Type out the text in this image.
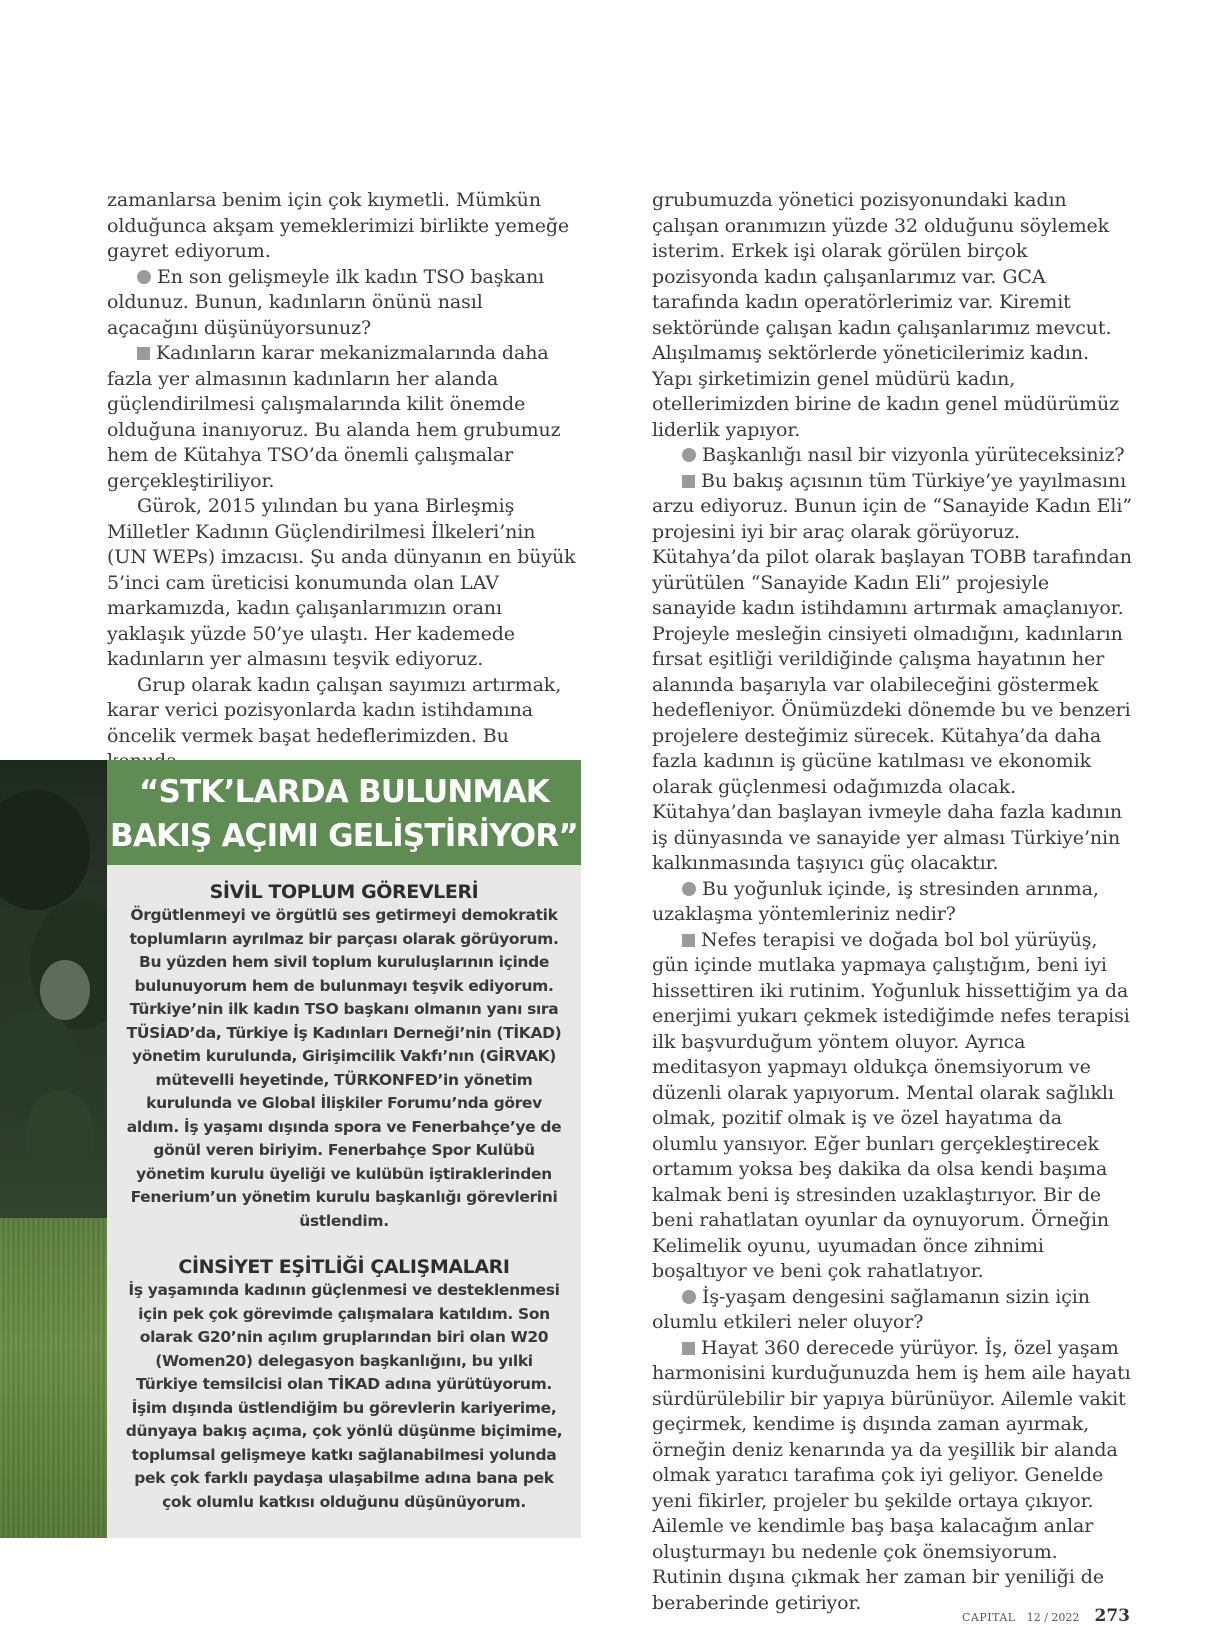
zamanlarsa benim için çok kıymetli. Mümkün olduğunca akşam yemeklerimizi birlikte yemeğe gayret ediyorum.

En son gelişmeyle ilk kadın TSO başkanı oldunuz. Bunun, kadınların önünü nasıl açacağını düşünüyorsunuz?

Kadınların karar mekanizmalarında daha fazla yer almasının kadınların her alanda güçlendirilmesi çalışmalarında kilit önemde olduğuna inanıyoruz. Bu alanda hem grubumuz hem de Kütahya TSO’da önemli çalışmalar gerçekleştiriliyor.

Gürok, 2015 yılından bu yana Birleşmiş Milletler Kadının Güçlendirilmesi İlkeleri’nin (UN WEPs) imzacısı. Şu anda dünyanın en büyük 5’inci cam üreticisi konumunda olan LAV markamızda, kadın çalışanlarımızın oranı yaklaşık yüzde 50’ye ulaştı. Her kademede kadınların yer almasını teşvik ediyoruz.

Grup olarak kadın çalışan sayımızı artırmak, karar verici pozisyonlarda kadın istihdamına öncelik vermek başat hedeflerimizden. Bu

“STK’LARDA BULUNMAK
BAKIŞ AÇIMI GELİŞTİRİYOR”

SİVİL TOPLUM GÖREVLERİ

Örgütlenmeyi ve örgütlü ses getirmeyi demokratik toplumların ayrılmaz bir parçası olarak görüyorum. Bu yüzden hem sivil toplum kuruluşlarının içinde bulunuyorum hem de bulunmayı teşvik ediyorum. Türkiye’nin ilk kadın TSO başkanı olmanın yanı sıra TÜSİAD’da, Türkiye İş Kadınları Derneği’nin (TİKAD) yönetim kurulunda, Girişimcilik Vakfı’nın (GİRVAK) mütevelli heyetinde, TÜRKONFED’in yönetim kurulunda ve Global İlişkiler Forumu’nda görev aldım. İş yaşamı dışında spora ve Fenerbahçe’ye de gönül veren biriyim. Fenerbahçe Spor Kulübü yönetim kurulu üyeliği ve kulübün iştiraklerinden Fenerium’un yönetim kurulu başkanlığı görevlerini üstlendim.

CİNSİYET EŞİTLİĞİ ÇALIŞMALARI

İş yaşamında kadının güçlenmesi ve desteklenmesi için pek çok görevimde çalışmalara katıldım. Son olarak G20’nin açılım gruplarından biri olan W20 (Women20) delegasyon başkanlığını, bu yılki Türkiye temsilcisi olan TİKAD adına yürütüyorum. İşim dışında üstlendiğim bu görevlerin kariyerime, dünyaya bakış açıma, çok yönlü düşünme biçimime, toplumsal gelişmeye katkı sağlanabilmesi yolunda pek çok farklı paydaşa ulaşabilme adına bana pek çok olumlu katkısı olduğunu düşünüyorum.

grubumuzda yönetici pozisyonundaki kadın çalışan oranımızın yüzde 32 olduğunu söylemek isterim. Erkek işi olarak görülen birçok pozisyonda kadın çalışanlarımız var. GCA tarafında kadın operatörlerimiz var. Kiremit sektöründe çalışan kadın çalışanlarımız mevcut. Alışılmamış sektörlerde yöneticilerimiz kadın. Yapı şirketimizin genel müdürü kadın, otellerimizden birine de kadın genel müdürümüz liderlik yapıyor.

Başkanlığı nasıl bir vizyonla yürüteceksiniz?

Bu bakış açısının tüm Türkiye’ye yayılmasını arzu ediyoruz. Bunun için de “Sanayide Kadın Eli” projesini iyi bir araç olarak görüyoruz. Kütahya’da pilot olarak başlayan TOBB tarafından yürütülen “Sanayide Kadın Eli” projesiyle sanayide kadın istihdamını artırmak amaçlanıyor. Projeyle mesleğin cinsiyeti olmadığını, kadınların fırsat eşitliği verildiğinde çalışma hayatının her alanında başarıyla var olabileceğini göstermek hedefleniyor. Önümüzdeki dönemde bu ve benzeri projelere desteğimiz sürecek. Kütahya’da daha fazla kadının iş gücüne katılması ve ekonomik olarak güçlenmesi odağımızda olacak. Kütahya’dan başlayan ivmeyle daha fazla kadının iş dünyasında ve sanayide yer alması Türkiye’nin kalkınmasında taşıyıcı güç olacaktır.

Bu yoğunluk içinde, iş stresinden arınma, uzaklaşma yöntemleriniz nedir?

Nefes terapisi ve doğada bol bol yürüyüş, gün içinde mutlaka yapmaya çalıştığım, beni iyi hissettiren iki rutinim. Yoğunluk hissettiğim ya da enerjimi yukarı çekmek istediğimde nefes terapisi ilk başvurduğum yöntem oluyor. Ayrıca meditasyon yapmayı oldukça önemsiyorum ve düzenli olarak yapıyorum. Mental olarak sağlıklı olmak, pozitif olmak iş ve özel hayatıma da olumlu yansıyor. Eğer bunları gerçekleştirecek ortamım yoksa beş dakika da olsa kendi başıma kalmak beni iş stresinden uzaklaştırıyor. Bir de beni rahatlatan oyunlar da oynuyorum. Örneğin Kelimelik oyunu, uyumadan önce zihnimi boşaltıyor ve beni çok rahatlatıyor.

İş-yaşam dengesini sağlamanın sizin için olumlu etkileri neler oluyor?

Hayat 360 derecede yürüyor. İş, özel yaşam harmonisini kurduğunuzda hem iş hem aile hayatı sürdürülebilir bir yapıya bürünüyor. Ailemle vakit geçirmek, kendime iş dışında zaman ayırmak, örneğin deniz kenarında ya da yeşillik bir alanda olmak yaratıcı tarafıma çok iyi geliyor. Genelde yeni fikirler, projeler bu şekilde ortaya çıkıyor. Ailemle ve kendimle baş başa kalacağım anlar oluşturmayı bu nedenle çok önemsiyorum. Rutinin dışına çıkmak her zaman bir yeniliği de beraberinde getiriyor.

CAPITAL 12 / 2022 273
